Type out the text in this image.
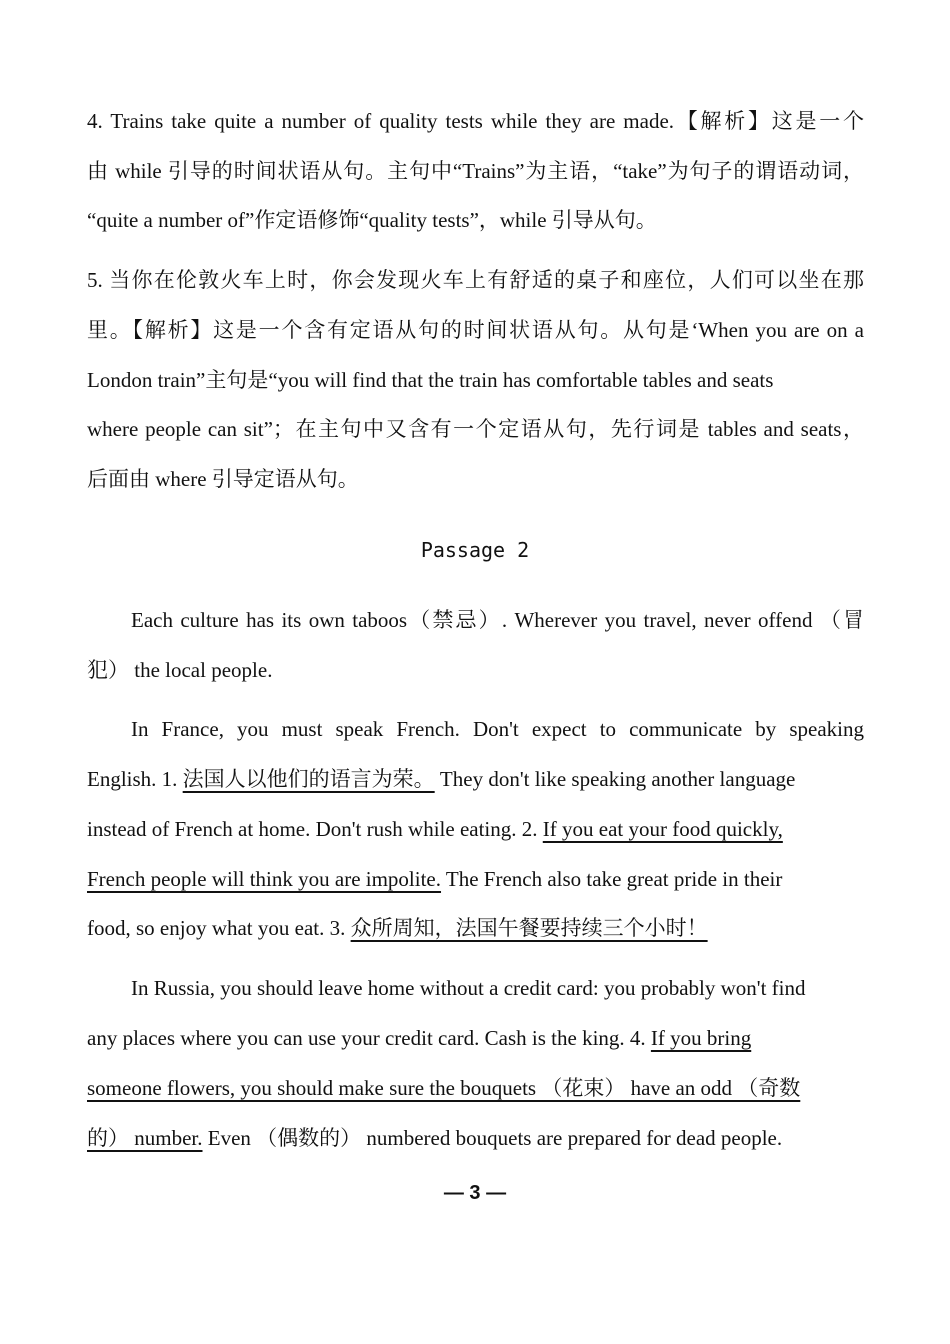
4. Trains take quite a number of quality tests while they are made.【解析】这是一个
由 while 引导的时间状语从句。主句中“Trains”为主语，“take”为句子的谓语动词，
“quite a number of”作定语修饰“quality tests”，while 引导从句。
5. 当你在伦敦火车上时，你会发现火车上有舒适的桌子和座位，人们可以坐在那
里。【解析】这是一个含有定语从句的时间状语从句。从句是‘When you are on a
London train”主句是“you will find that the train has comfortable tables and seats
where people can sit”；在主句中又含有一个定语从句，先行词是 tables and seats，
后面由 where 引导定语从句。
Passage 2
Each culture has its own taboos（禁忌）. Wherever you travel, never offend （冒
犯） the local people.
In France, you must speak French. Don't expect to communicate by speaking
English. 1. 法国人以他们的语言为荣。 They don't like speaking another language
instead of French at home. Don't rush while eating. 2. If you eat your food quickly,
French people will think you are impolite. The French also take great pride in their
food, so enjoy what you eat. 3. 众所周知，法国午餐要持续三个小时！
In Russia, you should leave home without a credit card: you probably won't find
any places where you can use your credit card. Cash is the king. 4. If you bring
someone flowers, you should make sure the bouquets （花束） have an odd （奇数
的） number. Even （偶数的） numbered bouquets are prepared for dead people.
— 3 —
